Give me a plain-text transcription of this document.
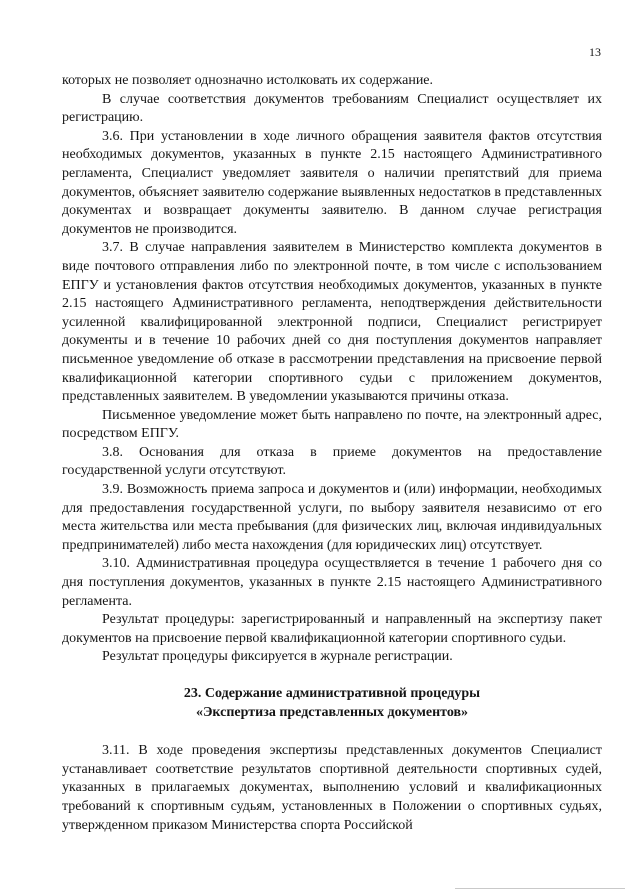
13

которых не позволяет однозначно истолковать их содержание.

В случае соответствия документов требованиям Специалист осуществляет их регистрацию.

3.6. При установлении в ходе личного обращения заявителя фактов отсутствия необходимых документов, указанных в пункте 2.15 настоящего Административного регламента, Специалист уведомляет заявителя о наличии препятствий для приема документов, объясняет заявителю содержание выявленных недостатков в представленных документах и возвращает документы заявителю. В данном случае регистрация документов не производится.

3.7. В случае направления заявителем в Министерство комплекта документов в виде почтового отправления либо по электронной почте, в том числе с использованием ЕПГУ и установления фактов отсутствия необходимых документов, указанных в пункте 2.15 настоящего Административного регламента, неподтверждения действительности усиленной квалифицированной электронной подписи, Специалист регистрирует документы и в течение 10 рабочих дней со дня поступления документов направляет письменное уведомление об отказе в рассмотрении представления на присвоение первой квалификационной категории спортивного судьи с приложением документов, представленных заявителем. В уведомлении указываются причины отказа.

Письменное уведомление может быть направлено по почте, на электронный адрес, посредством ЕПГУ.

3.8. Основания для отказа в приеме документов на предоставление государственной услуги отсутствуют.

3.9. Возможность приема запроса и документов и (или) информации, необходимых для предоставления государственной услуги, по выбору заявителя независимо от его места жительства или места пребывания (для физических лиц, включая индивидуальных предпринимателей) либо места нахождения (для юридических лиц) отсутствует.

3.10. Административная процедура осуществляется в течение 1 рабочего дня со дня поступления документов, указанных в пункте 2.15 настоящего Административного регламента.

Результат процедуры: зарегистрированный и направленный на экспертизу пакет документов на присвоение первой квалификационной категории спортивного судьи.

Результат процедуры фиксируется в журнале регистрации.

23. Содержание административной процедуры

«Экспертиза представленных документов»

3.11. В ходе проведения экспертизы представленных документов Специалист устанавливает соответствие результатов спортивной деятельности спортивных судей, указанных в прилагаемых документах, выполнению условий и квалификационных требований к спортивным судьям, установленных в Положении о спортивных судьях, утвержденном приказом Министерства спорта Российской
